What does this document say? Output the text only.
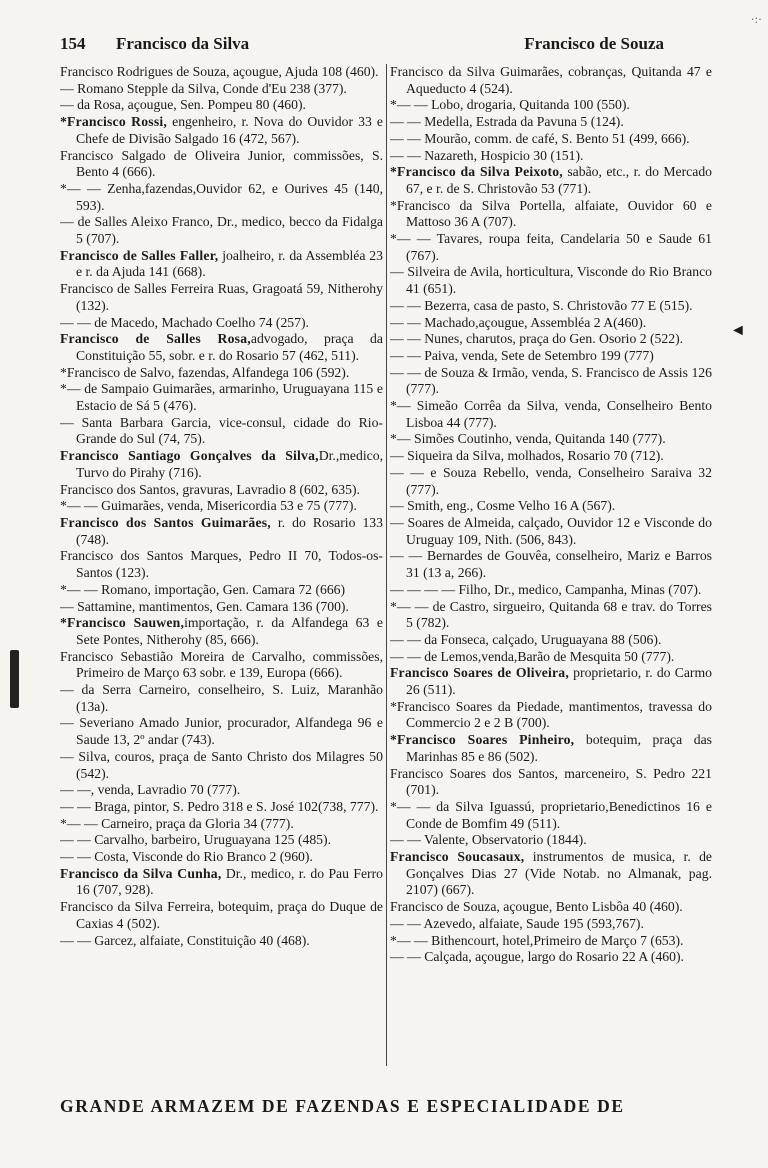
154 Francisco da Silva	Francisco de Souza
·:·

Francisco Rodrigues de Souza, açougue, Ajuda 108 (460).

— Romano Stepple da Silva, Conde d'Eu 238 (377).

— da Rosa, açougue, Sen. Pompeu 80 (460).

*Francisco Rossi, engenheiro, r. Nova do Ouvidor 33 e Chefe de Divisão Salgado 16 (472, 567).

Francisco Salgado de Oliveira Junior, commissões, S. Bento 4 (666).

*— — Zenha,fazendas,Ouvidor 62, e Ourives 45 (140, 593).

— de Salles Aleixo Franco, Dr., medico, becco da Fidalga 5 (707).

Francisco de Salles Faller, joalheiro, r. da Assembléa 23 e r. da Ajuda 141 (668).

Francisco de Salles Ferreira Ruas, Gragoatá 59, Nitherohy (132).

— — de Macedo, Machado Coelho 74 (257).

Francisco de Salles Rosa,advogado, praça da Constituição 55, sobr. e r. do Rosario 57 (462, 511).

*Francisco de Salvo, fazendas, Alfandega 106 (592).

*— de Sampaio Guimarães, armarinho, Uruguayana 115 e Estacio de Sá 5 (476).

— Santa Barbara Garcia, vice-consul, cidade do Rio-Grande do Sul (74, 75).

Francisco Santiago Gonçalves da Silva,Dr.,medico, Turvo do Pirahy (716).

Francisco dos Santos, gravuras, Lavradio 8 (602, 635).

*— — Guimarães, venda, Misericordia 53 e 75 (777).

Francisco dos Santos Guimarães, r. do Rosario 133 (748).

Francisco dos Santos Marques, Pedro II 70, Todos-os-Santos (123).

*— — Romano, importação, Gen. Camara 72 (666)

— Sattamine, mantimentos, Gen. Camara 136 (700).

*Francisco Sauwen,importação, r. da Alfandega 63 e Sete Pontes, Nitherohy (85, 666).

Francisco Sebastião Moreira de Carvalho, commissões, Primeiro de Março 63 sobr. e 139, Europa (666).

— da Serra Carneiro, conselheiro, S. Luiz, Maranhão (13a).

— Severiano Amado Junior, procurador, Alfandega 96 e Saude 13, 2º andar (743).

— Silva, couros, praça de Santo Christo dos Milagres 50 (542).

— —, venda, Lavradio 70 (777).

— — Braga, pintor, S. Pedro 318 e S. José 102(738, 777).

*— — Carneiro, praça da Gloria 34 (777).

— — Carvalho, barbeiro, Uruguayana 125 (485).

— — Costa, Visconde do Rio Branco 2 (960).

Francisco da Silva Cunha, Dr., medico, r. do Pau Ferro 16 (707, 928).

Francisco da Silva Ferreira, botequim, praça do Duque de Caxias 4 (502).

— — Garcez, alfaiate, Constituição 40 (468).

Francisco da Silva Guimarães, cobranças, Quitanda 47 e Aqueducto 4 (524).

*— — Lobo, drogaria, Quitanda 100 (550).

— — Medella, Estrada da Pavuna 5 (124).

— — Mourão, comm. de café, S. Bento 51 (499, 666).

— — Nazareth, Hospicio 30 (151).

*Francisco da Silva Peixoto, sabão, etc., r. do Mercado 67, e r. de S. Christovão 53 (771).

*Francisco da Silva Portella, alfaiate, Ouvidor 60 e Mattoso 36 A (707).

*— — Tavares, roupa feita, Candelaria 50 e Saude 61 (767).

— Silveira de Avila, horticultura, Visconde do Rio Branco 41 (651).

— — Bezerra, casa de pasto, S. Christovão 77 E (515).

— — Machado,açougue, Assembléa 2 A(460).

— — Nunes, charutos, praça do Gen. Osorio 2 (522).

— — Paiva, venda, Sete de Setembro 199 (777)

— — de Souza & Irmão, venda, S. Francisco de Assis 126 (777).

*— Simeão Corrêa da Silva, venda, Conselheiro Bento Lisboa 44 (777).

*— Simões Coutinho, venda, Quitanda 140 (777).

— Siqueira da Silva, molhados, Rosario 70 (712).

— — e Souza Rebello, venda, Conselheiro Saraiva 32 (777).

— Smith, eng., Cosme Velho 16 A (567).

— Soares de Almeida, calçado, Ouvidor 12 e Visconde do Uruguay 109, Nith. (506, 843).

— — Bernardes de Gouvêa, conselheiro, Mariz e Barros 31 (13 a, 266).

— — — — Filho, Dr., medico, Campanha, Minas (707).

*— — de Castro, sirgueiro, Quitanda 68 e trav. do Torres 5 (782).

— — da Fonseca, calçado, Uruguayana 88 (506).

— — de Lemos,venda,Barão de Mesquita 50 (777).

Francisco Soares de Oliveira, proprietario, r. do Carmo 26 (511).

*Francisco Soares da Piedade, mantimentos, travessa do Commercio 2 e 2 B (700).

*Francisco Soares Pinheiro, botequim, praça das Marinhas 85 e 86 (502).

Francisco Soares dos Santos, marceneiro, S. Pedro 221 (701).

*— — da Silva Iguassú, proprietario,Benedictinos 16 e Conde de Bomfim 49 (511).

— — Valente, Observatorio (1844).

Francisco Soucasaux, instrumentos de musica, r. de Gonçalves Dias 27 (Vide Notab. no Almanak, pag. 2107) (667).

Francisco de Souza, açougue, Bento Lisbôa 40 (460).

— — Azevedo, alfaiate, Saude 195 (593,767).

*— — Bithencourt, hotel,Primeiro de Março 7 (653).

— — Calçada, açougue, largo do Rosario 22 A (460).

◄
GRANDE ARMAZEM DE FAZENDAS E ESPECIALIDADE DE
